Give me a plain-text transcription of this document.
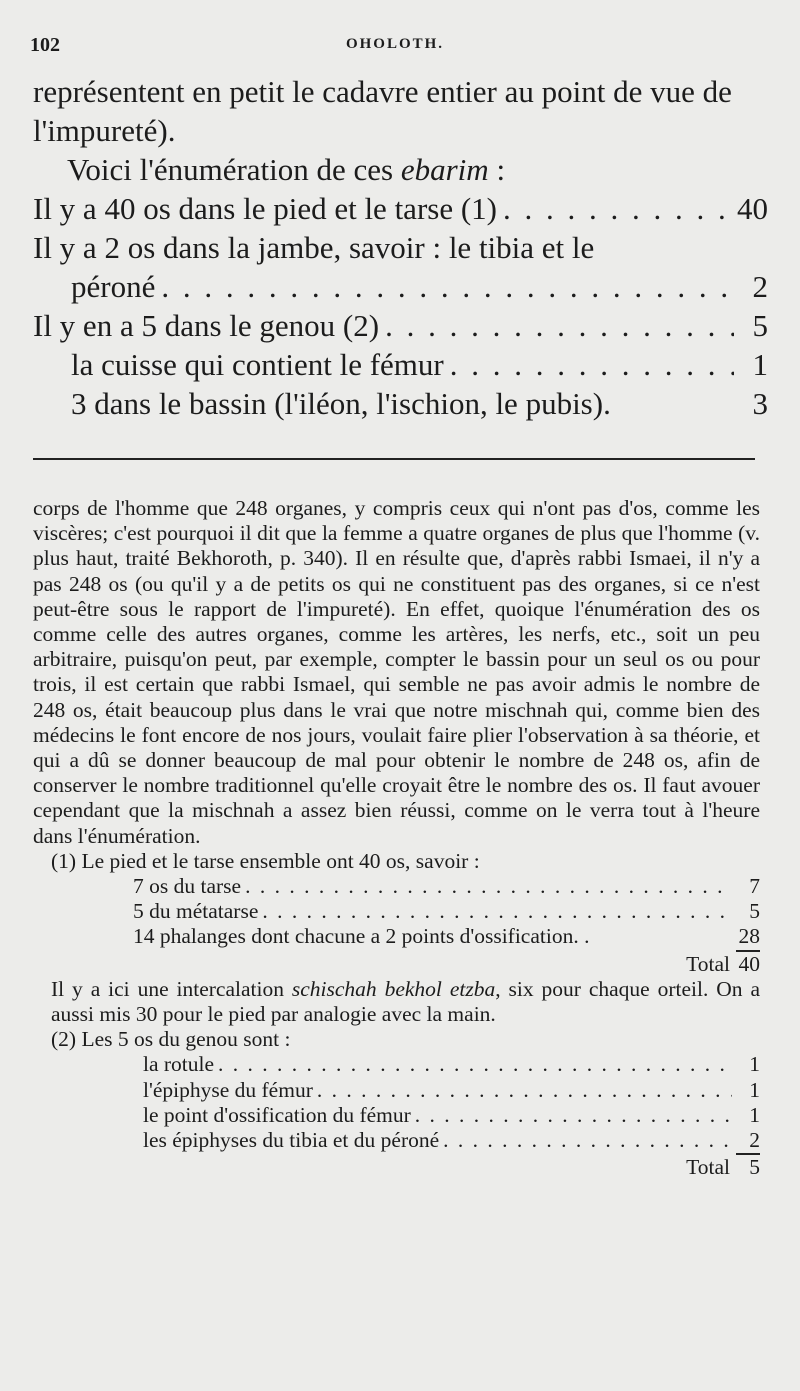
102	OHOLOTH.

représentent en petit le cadavre entier au point de vue de l'impureté).

Voici l'énumération de ces ebarim :

Il y a 40 os dans le pied et le tarse (1) . . .	40
Il y a 2 os dans la jambe, savoir : le tibia et le
péroné . . .	2
Il y en a 5 dans le genou (2) . . .	5
la cuisse qui contient le fémur . . .	1
3 dans le bassin (l'iléon, l'ischion, le pubis).	3

corps de l'homme que 248 organes, y compris ceux qui n'ont pas d'os, comme les viscères; c'est pourquoi il dit que la femme a quatre organes de plus que l'homme (v. plus haut, traité Bekhoroth, p. 340). Il en résulte que, d'après rabbi Ismaei, il n'y a pas 248 os (ou qu'il y a de petits os qui ne constituent pas des organes, si ce n'est peut-être sous le rapport de l'impureté). En effet, quoique l'énumération des os comme celle des autres organes, comme les artères, les nerfs, etc., soit un peu arbitraire, puisqu'on peut, par exemple, compter le bassin pour un seul os ou pour trois, il est certain que rabbi Ismael, qui semble ne pas avoir admis le nombre de 248 os, était beaucoup plus dans le vrai que notre mischnah qui, comme bien des médecins le font encore de nos jours, voulait faire plier l'observation à sa théorie, et qui a dû se donner beaucoup de mal pour obtenir le nombre de 248 os, afin de conserver le nombre traditionnel qu'elle croyait être le nombre des os. Il faut avouer cependant que la mischnah a assez bien réussi, comme on le verra tout à l'heure dans l'énumération.

(1) Le pied et le tarse ensemble ont 40 os, savoir :

7 os du tarse . . .	7
5 du métatarse . . .	5
14 phalanges dont chacune a 2 points d'ossification. .	28
Total 40

Il y a ici une intercalation schischah bekhol etzba, six pour chaque orteil. On a aussi mis 30 pour le pied par analogie avec la main.

(2) Les 5 os du genou sont :

la rotule . . .	1
l'épiphyse du fémur . . .	1
le point d'ossification du fémur . . .	1
les épiphyses du tibia et du péroné . . .	2
Total 5
